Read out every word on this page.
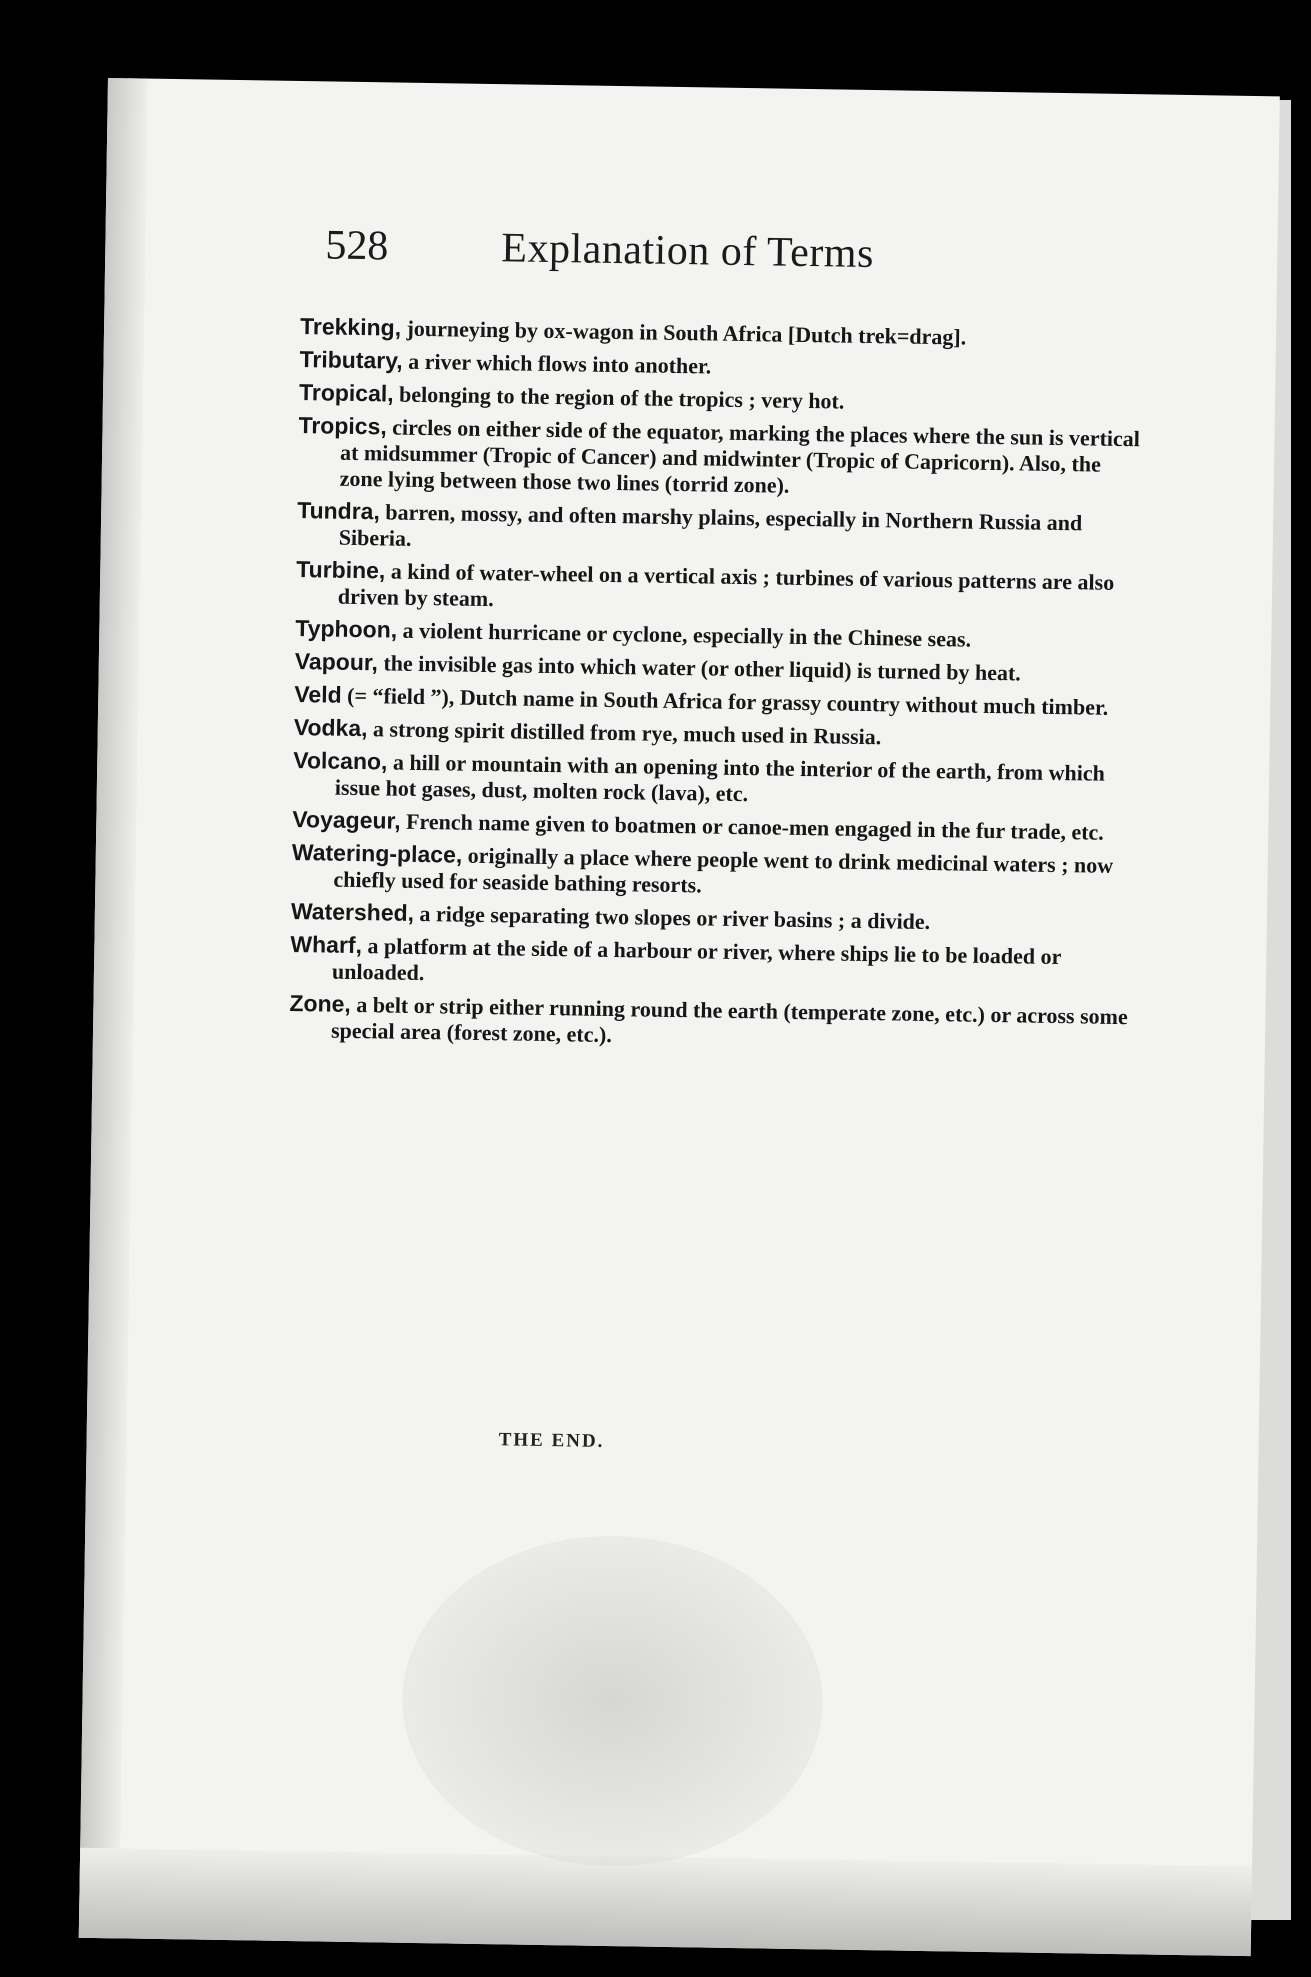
528	Explanation of Terms

Trekking, journeying by ox-wagon in South Africa [Dutch trek=drag].

Tributary, a river which flows into another.

Tropical, belonging to the region of the tropics ; very hot.

Tropics, circles on either side of the equator, marking the places where the sun is vertical at midsummer (Tropic of Cancer) and midwinter (Tropic of Capricorn). Also, the zone lying between those two lines (torrid zone).

Tundra, barren, mossy, and often marshy plains, especially in Northern Russia and Siberia.

Turbine, a kind of water-wheel on a vertical axis ; turbines of various patterns are also driven by steam.

Typhoon, a violent hurricane or cyclone, especially in the Chinese seas.

Vapour, the invisible gas into which water (or other liquid) is turned by heat.

Veld (= “field ”), Dutch name in South Africa for grassy country without much timber.

Vodka, a strong spirit distilled from rye, much used in Russia.

Volcano, a hill or mountain with an opening into the interior of the earth, from which issue hot gases, dust, molten rock (lava), etc.

Voyageur, French name given to boatmen or canoe-men engaged in the fur trade, etc.

Watering-place, originally a place where people went to drink medicinal waters ; now chiefly used for seaside bathing resorts.

Watershed, a ridge separating two slopes or river basins ; a divide.

Wharf, a platform at the side of a harbour or river, where ships lie to be loaded or unloaded.

Zone, a belt or strip either running round the earth (temperate zone, etc.) or across some special area (forest zone, etc.).

THE END.
